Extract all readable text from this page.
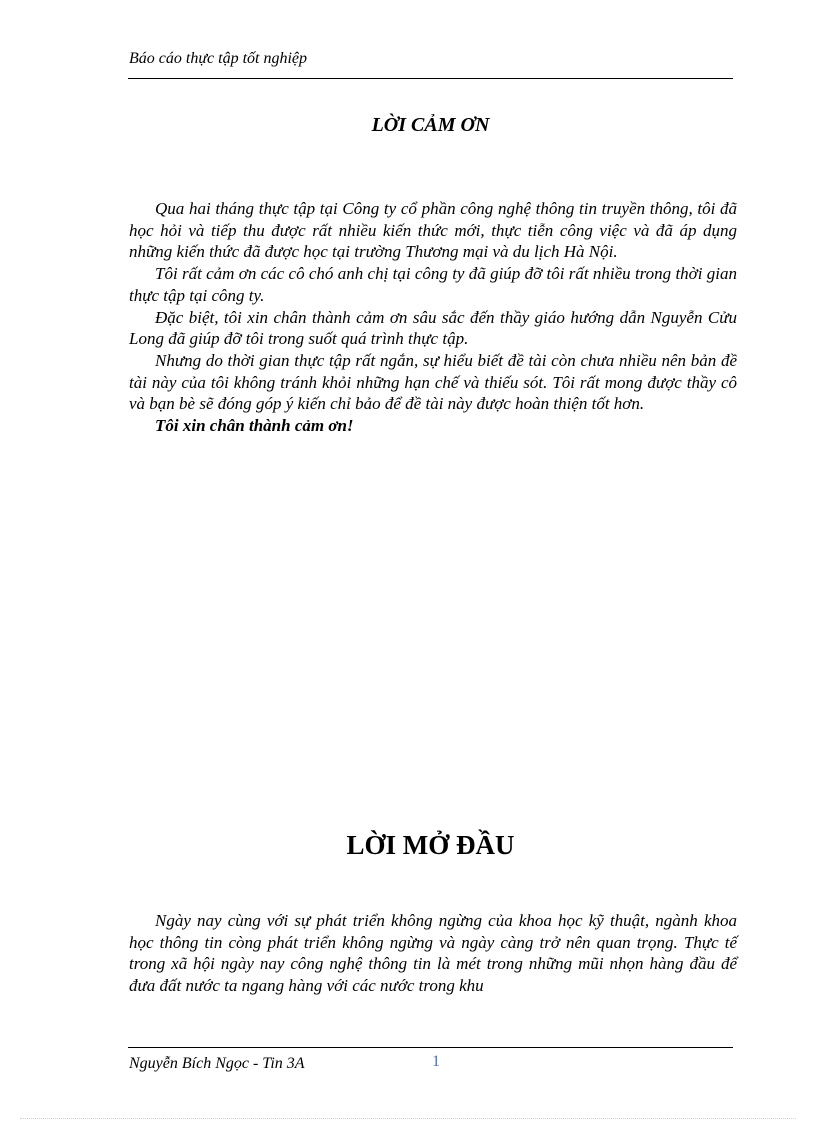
Báo cáo thực tập tốt nghiệp
LỜI CẢM ƠN

Qua hai tháng thực tập tại Công ty cổ phần công nghệ thông tin truyền thông, tôi đã học hỏi và tiếp thu được rất nhiều kiến thức mới, thực tiễn công việc và đã áp dụng những kiến thức đã được học tại trường Thương mại và du lịch Hà Nội.

Tôi rất cảm ơn các cô chó anh chị tại công ty đã giúp đỡ tôi rất nhiều trong thời gian thực tập tại công ty.

Đặc biệt, tôi xin chân thành cảm ơn sâu sắc đến thầy giáo hướng dẫn Nguyễn Cửu Long đã giúp đỡ tôi trong suốt quá trình thực tập.

Nhưng do thời gian thực tập rất ngắn, sự hiểu biết đề tài còn chưa nhiều nên bản đề tài này của tôi không tránh khỏi những hạn chế và thiếu sót. Tôi rất mong được thầy cô và bạn bè sẽ đóng góp ý kiến chỉ bảo để đề tài này được hoàn thiện tốt hơn.

Tôi xin chân thành cảm ơn!

LỜI MỞ ĐẦU

Ngày nay cùng với sự phát triển không ngừng của khoa học kỹ thuật, ngành khoa học thông tin còng phát triển không ngừng và ngày càng trở nên quan trọng. Thực tế trong xã hội ngày nay công nghệ thông tin là mét trong những mũi nhọn hàng đầu để đưa đất nước ta ngang hàng với các nước trong khu

Nguyễn Bích Ngọc - Tin 3A	1
